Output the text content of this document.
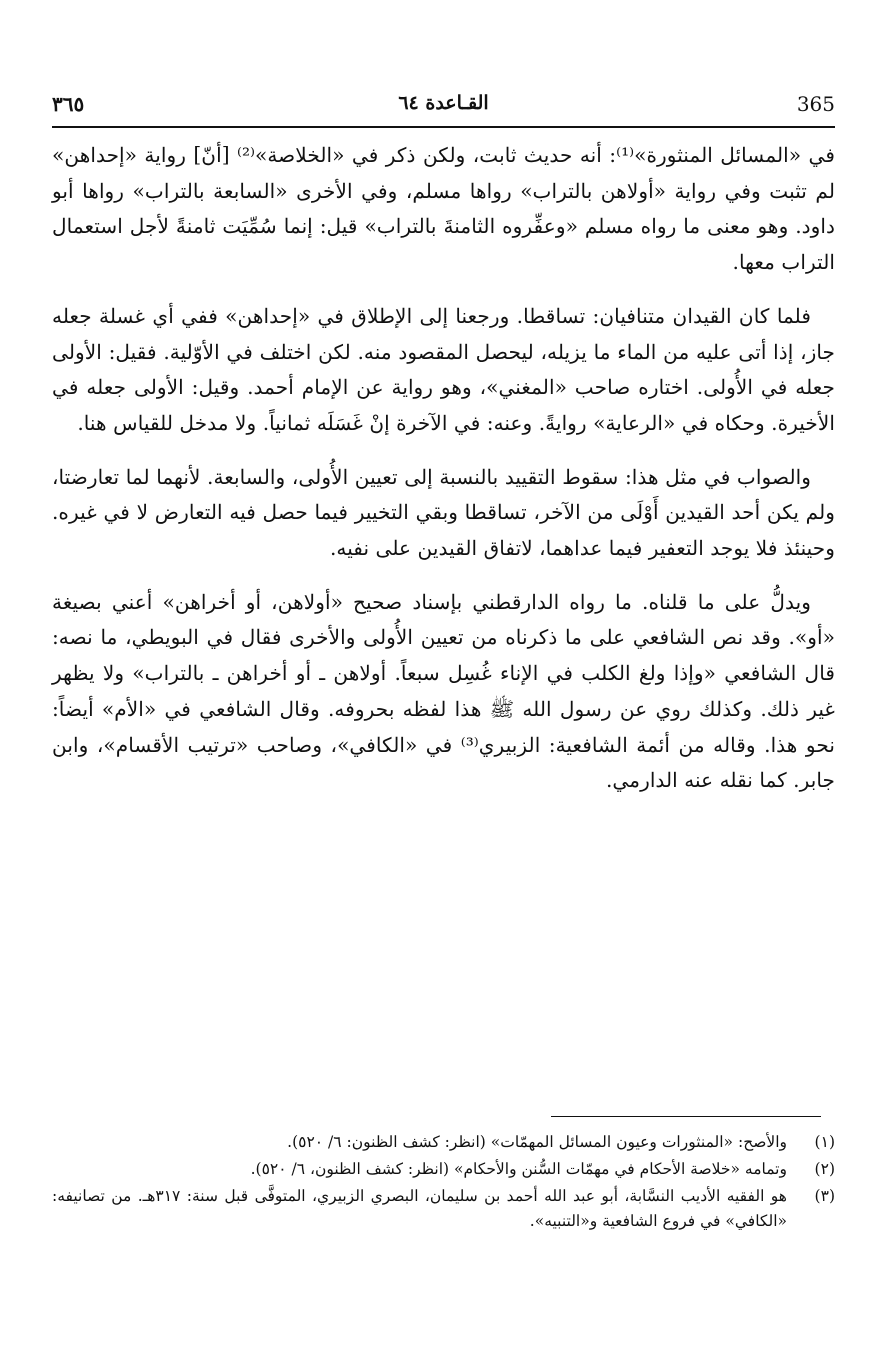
365
القـاعدة ٦٤
٣٦٥

في «المسائل المنثورة»⁽¹⁾: أنه حديث ثابت، ولكن ذكر في «الخلاصة»⁽²⁾ [أنّ] رواية «إحداهن» لم تثبت وفي رواية «أولاهن بالتراب» رواها مسلم، وفي الأخرى «السابعة بالتراب» رواها أبو داود. وهو معنى ما رواه مسلم «وعفِّروه الثامنةَ بالتراب» قيل: إنما سُمِّيَت ثامنةً لأجل استعمال التراب معها.

فلما كان القيدان متنافيان: تساقطا. ورجعنا إلى الإطلاق في «إحداهن» ففي أي غسلة جعله جاز، إذا أتى عليه من الماء ما يزيله، ليحصل المقصود منه. لكن اختلف في الأوّلية. فقيل: الأولى جعله في الأُولى. اختاره صاحب «المغني»، وهو رواية عن الإمام أحمد. وقيل: الأولى جعله في الأخيرة. وحكاه في «الرعاية» روايةً. وعنه: في الآخرة إنْ غَسَلَه ثمانياً. ولا مدخل للقياس هنا.

والصواب في مثل هذا: سقوط التقييد بالنسبة إلى تعيين الأُولى، والسابعة. لأنهما لما تعارضتا، ولم يكن أحد القيدين أَوْلَى من الآخر، تساقطا وبقي التخيير فيما حصل فيه التعارض لا في غيره. وحينئذ فلا يوجد التعفير فيما عداهما، لاتفاق القيدين على نفيه.

ويدلُّ على ما قلناه. ما رواه الدارقطني بإسناد صحيح «أولاهن، أو أخراهن» أعني بصيغة «أو». وقد نص الشافعي على ما ذكرناه من تعيين الأُولى والأخرى فقال في البويطي، ما نصه: قال الشافعي «وإذا ولغ الكلب في الإناء غُسِل سبعاً. أولاهن ـ أو أخراهن ـ بالتراب» ولا يظهر غير ذلك. وكذلك روي عن رسول الله ﷺ هذا لفظه بحروفه. وقال الشافعي في «الأم» أيضاً: نحو هذا. وقاله من أئمة الشافعية: الزبيري⁽³⁾ في «الكافي»، وصاحب «ترتيب الأقسام»، وابن جابر. كما نقله عنه الدارمي.

(١)
والأصح: «المنثورات وعيون المسائل المهمّات» (انظر: كشف الظنون: ٦/ ٥٢٠).
(٢)
وتمامه «خلاصة الأحكام في مهمّات السُّنن والأحكام» (انظر: كشف الظنون، ٦/ ٥٢٠).
(٣)
هو الفقيه الأديب النسَّابة، أبو عبد الله أحمد بن سليمان، البصري الزبيري، المتوفَّى قبل سنة: ٣١٧هـ. من تصانيفه: «الكافي» في فروع الشافعية و«التنبيه».
